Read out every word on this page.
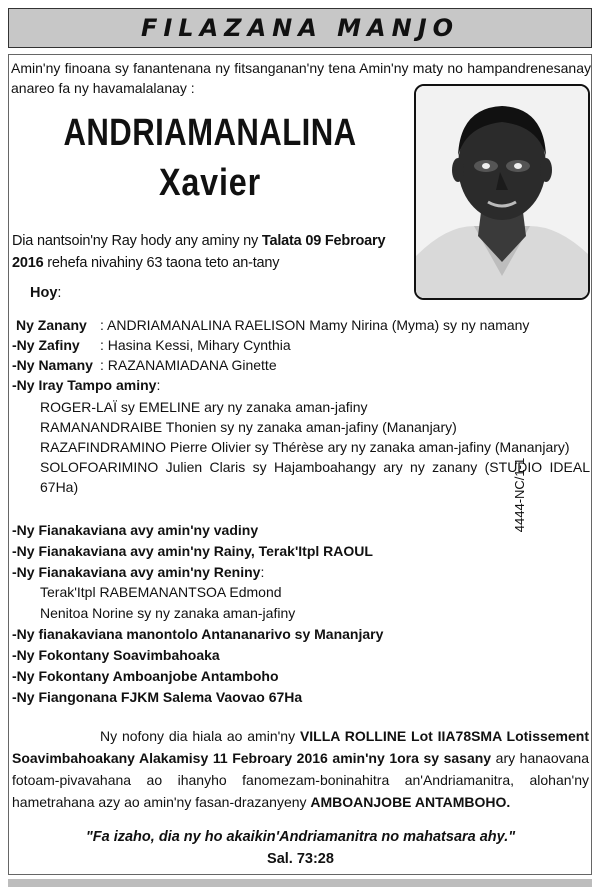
FILAZANA MANJO
Amin'ny finoana sy fanantenana ny fitsanganan'ny tena Amin'ny maty no hampandrenesanay anareo fa ny havamalalanay :
ANDRIAMANALINA
Xavier
Dia nantsoin'ny Ray hody any aminy ny Talata 09 Febroary 2016 rehefa nivahiny 63 taona teto an-tany
Hoy:
Ny Zanany : ANDRIAMANALINA RAELISON Mamy Nirina (Myma) sy ny namany
-Ny Zafiny : Hasina Kessi, Mihary Cynthia
-Ny Namany : RAZANAMIADANA Ginette
-Ny Iray Tampo aminy:
ROGER-LAÏ sy EMELINE ary ny zanaka aman-jafiny
RAMANANDRAIBE Thonien sy ny zanaka aman-jafiny (Mananjary)
RAZAFINDRAMINO Pierre Olivier sy Thérèse ary ny zanaka aman-jafiny (Mananjary)
SOLOFOARIMINO Julien Claris sy Hajamboahangy ary ny zanany (STUDIO IDEAL 67Ha)
-Ny Fianakaviana avy amin'ny vadiny
-Ny Fianakaviana avy amin'ny Rainy, Terak'Itpl RAOUL
-Ny Fianakaviana avy amin'ny Reniny:
Terak'Itpl RABEMANANTSOA Edmond
Nenitoa Norine sy ny zanaka aman-jafiny
-Ny fianakaviana manontolo Antananarivo sy Mananjary
-Ny Fokontany Soavimbahoaka
-Ny Fokontany Amboanjobe Antamboho
-Ny Fiangonana FJKM Salema Vaovao 67Ha
4444-NC/1-1
Ny nofony dia hiala ao amin'ny VILLA ROLLINE Lot IIA78SMA Lotissement Soavimbahoakany Alakamisy 11 Febroary 2016 amin'ny 1ora sy sasany ary hanaovana fotoam-pivavahana ao ihanyho fanomezam-boninahitra an'Andriamanitra, alohan'ny hametrahana azy ao amin'ny fasan-drazanyeny AMBOANJOBE ANTAMBOHO.
"Fa izaho, dia ny ho akaikin'Andriamanitra no mahatsara ahy."
Sal. 73:28
